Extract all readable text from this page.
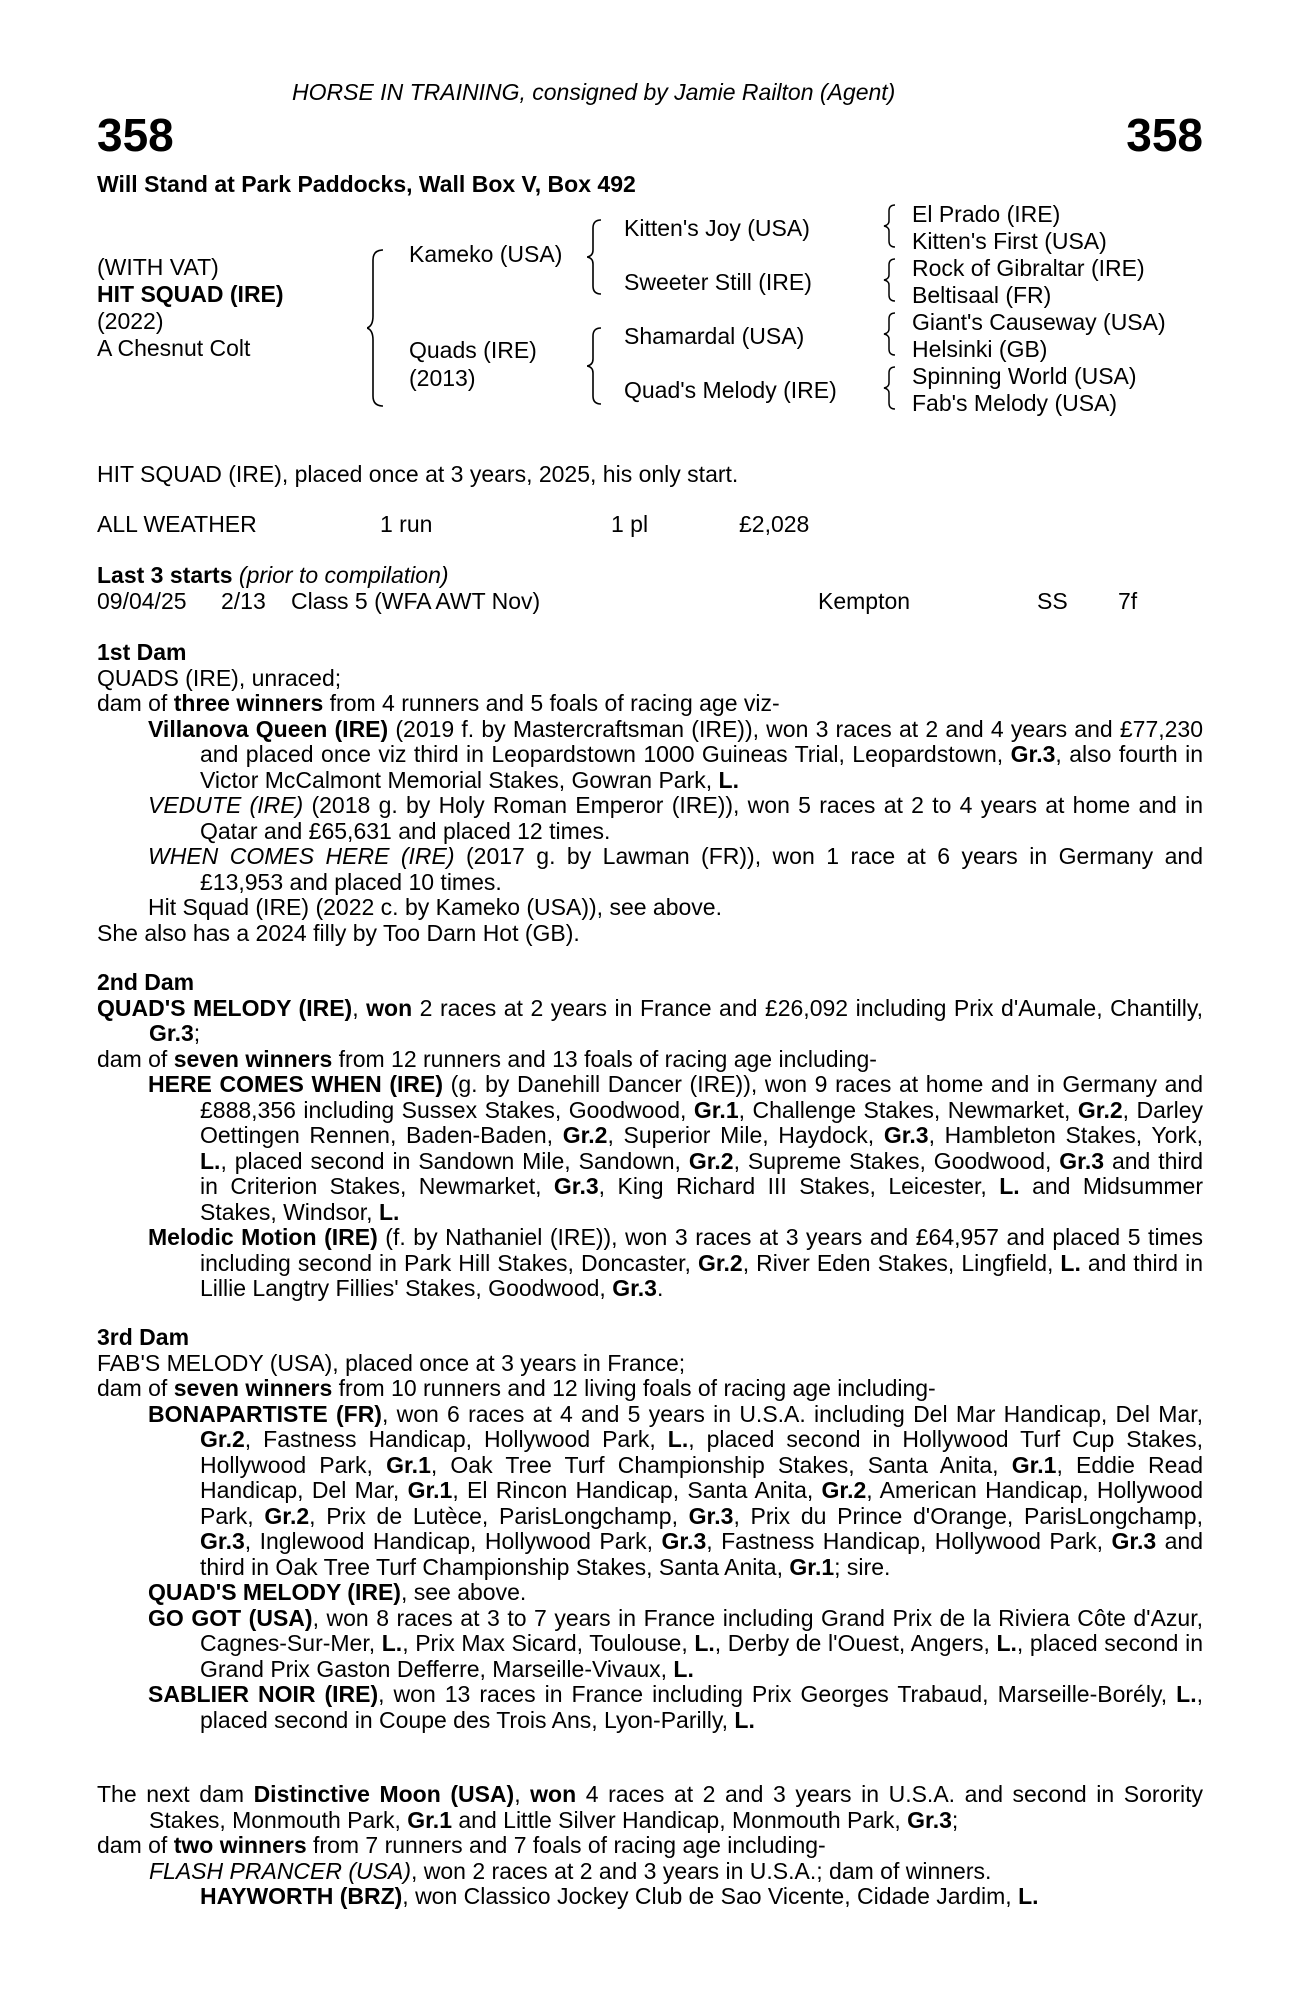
HORSE IN TRAINING, consigned by Jamie Railton (Agent)
358	358
Will Stand at Park Paddocks, Wall Box V, Box 492
(WITH VAT)
HIT SQUAD (IRE)
(2022)
A Chesnut Colt
Kameko (USA)
Quads (IRE)
(2013)
Kitten's Joy (USA)
Sweeter Still (IRE)
Shamardal (USA)
Quad's Melody (IRE)
El Prado (IRE)
Kitten's First (USA)
Rock of Gibraltar (IRE)
Beltisaal (FR)
Giant's Causeway (USA)
Helsinki (GB)
Spinning World (USA)
Fab's Melody (USA)
HIT SQUAD (IRE), placed once at 3 years, 2025, his only start.
ALL WEATHER	1 run	1 pl	£2,028
Last 3 starts (prior to compilation)
09/04/25 2/13 Class 5 (WFA AWT Nov)	Kempton	SS 7f

1st Dam

QUADS (IRE), unraced;

dam of three winners from 4 runners and 5 foals of racing age viz-

Villanova Queen (IRE) (2019 f. by Mastercraftsman (IRE)), won 3 races at 2 and 4 years and £77,230 and placed once viz third in Leopardstown 1000 Guineas Trial, Leopardstown, Gr.3, also fourth in Victor McCalmont Memorial Stakes, Gowran Park, L.

VEDUTE (IRE) (2018 g. by Holy Roman Emperor (IRE)), won 5 races at 2 to 4 years at home and in Qatar and £65,631 and placed 12 times.

WHEN COMES HERE (IRE) (2017 g. by Lawman (FR)), won 1 race at 6 years in Germany and £13,953 and placed 10 times.

Hit Squad (IRE) (2022 c. by Kameko (USA)), see above.

She also has a 2024 filly by Too Darn Hot (GB).

2nd Dam

QUAD'S MELODY (IRE), won 2 races at 2 years in France and £26,092 including Prix d'Aumale, Chantilly, Gr.3;

dam of seven winners from 12 runners and 13 foals of racing age including-

HERE COMES WHEN (IRE) (g. by Danehill Dancer (IRE)), won 9 races at home and in Germany and £888,356 including Sussex Stakes, Goodwood, Gr.1, Challenge Stakes, Newmarket, Gr.2, Darley Oettingen Rennen, Baden-Baden, Gr.2, Superior Mile, Haydock, Gr.3, Hambleton Stakes, York, L., placed second in Sandown Mile, Sandown, Gr.2, Supreme Stakes, Goodwood, Gr.3 and third in Criterion Stakes, Newmarket, Gr.3, King Richard III Stakes, Leicester, L. and Midsummer Stakes, Windsor, L.

Melodic Motion (IRE) (f. by Nathaniel (IRE)), won 3 races at 3 years and £64,957 and placed 5 times including second in Park Hill Stakes, Doncaster, Gr.2, River Eden Stakes, Lingfield, L. and third in Lillie Langtry Fillies' Stakes, Goodwood, Gr.3.

3rd Dam

FAB'S MELODY (USA), placed once at 3 years in France;

dam of seven winners from 10 runners and 12 living foals of racing age including-

BONAPARTISTE (FR), won 6 races at 4 and 5 years in U.S.A. including Del Mar Handicap, Del Mar, Gr.2, Fastness Handicap, Hollywood Park, L., placed second in Hollywood Turf Cup Stakes, Hollywood Park, Gr.1, Oak Tree Turf Championship Stakes, Santa Anita, Gr.1, Eddie Read Handicap, Del Mar, Gr.1, El Rincon Handicap, Santa Anita, Gr.2, American Handicap, Hollywood Park, Gr.2, Prix de Lutèce, ParisLongchamp, Gr.3, Prix du Prince d'Orange, ParisLongchamp, Gr.3, Inglewood Handicap, Hollywood Park, Gr.3, Fastness Handicap, Hollywood Park, Gr.3 and third in Oak Tree Turf Championship Stakes, Santa Anita, Gr.1; sire.

QUAD'S MELODY (IRE), see above.

GO GOT (USA), won 8 races at 3 to 7 years in France including Grand Prix de la Riviera Côte d'Azur, Cagnes-Sur-Mer, L., Prix Max Sicard, Toulouse, L., Derby de l'Ouest, Angers, L., placed second in Grand Prix Gaston Defferre, Marseille-Vivaux, L.

SABLIER NOIR (IRE), won 13 races in France including Prix Georges Trabaud, Marseille-Borély, L., placed second in Coupe des Trois Ans, Lyon-Parilly, L.

The next dam Distinctive Moon (USA), won 4 races at 2 and 3 years in U.S.A. and second in Sorority Stakes, Monmouth Park, Gr.1 and Little Silver Handicap, Monmouth Park, Gr.3;

dam of two winners from 7 runners and 7 foals of racing age including-

FLASH PRANCER (USA), won 2 races at 2 and 3 years in U.S.A.; dam of winners.

HAYWORTH (BRZ), won Classico Jockey Club de Sao Vicente, Cidade Jardim, L.
